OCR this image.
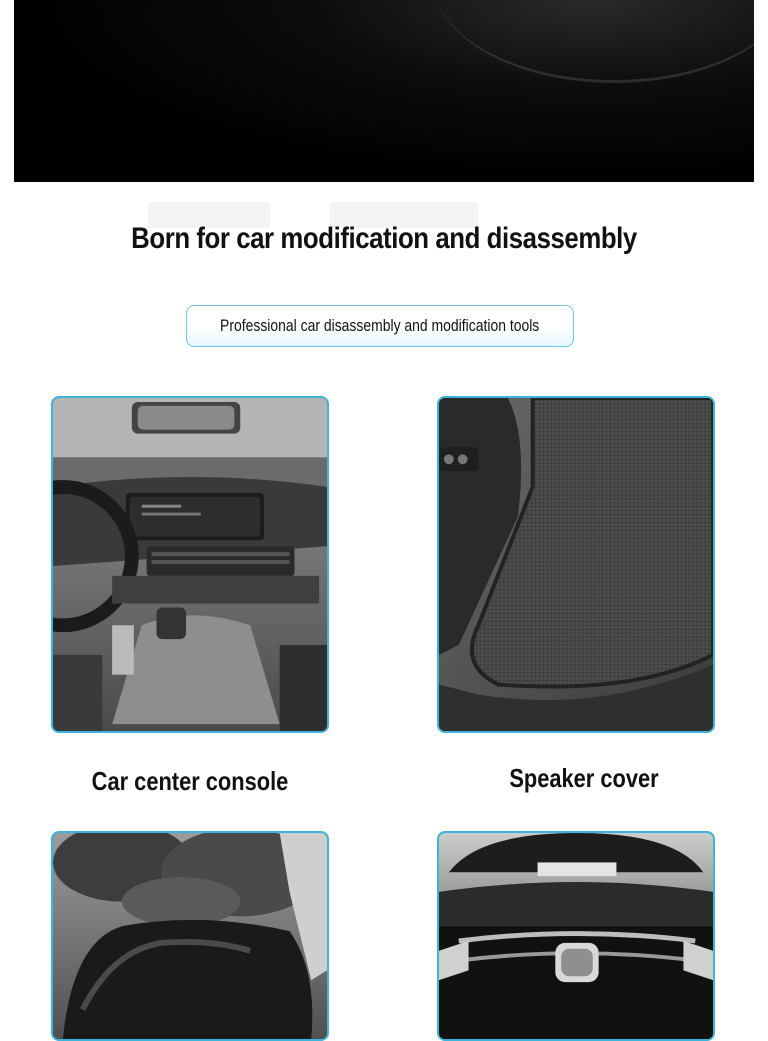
Born for car modification and disassembly
Professional car disassembly and modification tools
Car center console	Speaker cover
